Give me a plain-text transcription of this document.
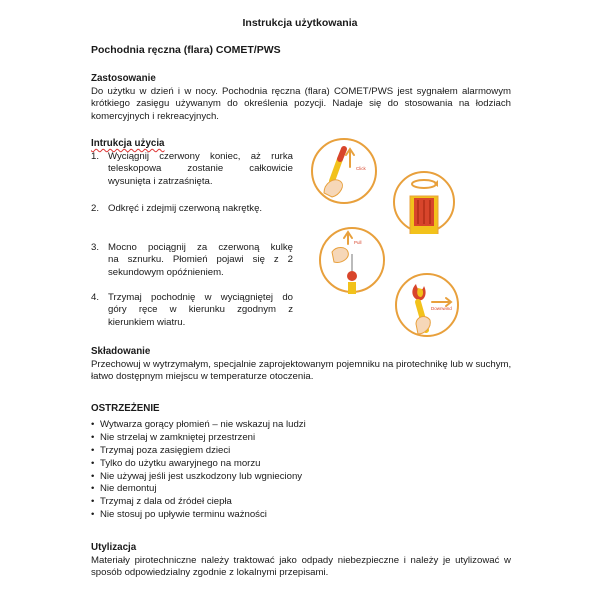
Instrukcja użytkowania
Pochodnia ręczna (flara) COMET/PWS
Zastosowanie
Do użytku w dzień i w nocy. Pochodnia ręczna (flara) COMET/PWS jest sygnałem alarmowym
krótkiego zasięgu używanym do określenia pozycji. Nadaje się do stosowania na łodziach
komercyjnych i rekreacyjnych.
Intrukcja użycia
1. Wyciągnij czerwony koniec, aż rurka
teleskopowa zostanie całkowicie
wysunięta i zatrzaśnięta.
2. Odkręć i zdejmij czerwoną nakrętkę.
3. Mocno pociągnij za czerwoną kulkę
na sznurku. Płomień pojawi się z 2
sekundowym opóźnieniem.
4. Trzymaj pochodnię w wyciągniętej do
góry ręce w kierunku zgodnym z
kierunkiem wiatru.
Click
Pull
Downwind
Składowanie
Przechowuj w wytrzymałym, specjalnie zaprojektowanym pojemniku na pirotechnikę lub w suchym,
łatwo dostępnym miejscu w temperaturze otoczenia.
OSTRZEŻENIE
• Wytwarza gorący płomień – nie wskazuj na ludzi
• Nie strzelaj w zamkniętej przestrzeni
• Trzymaj poza zasięgiem dzieci
• Tylko do użytku awaryjnego na morzu
• Nie używaj jeśli jest uszkodzony lub wgnieciony
• Nie demontuj
• Trzymaj z dala od źródeł ciepła
• Nie stosuj po upływie terminu ważności
Utylizacja
Materiały pirotechniczne należy traktować jako odpady niebezpieczne i należy je utylizować w
sposób odpowiedzialny zgodnie z lokalnymi przepisami.
